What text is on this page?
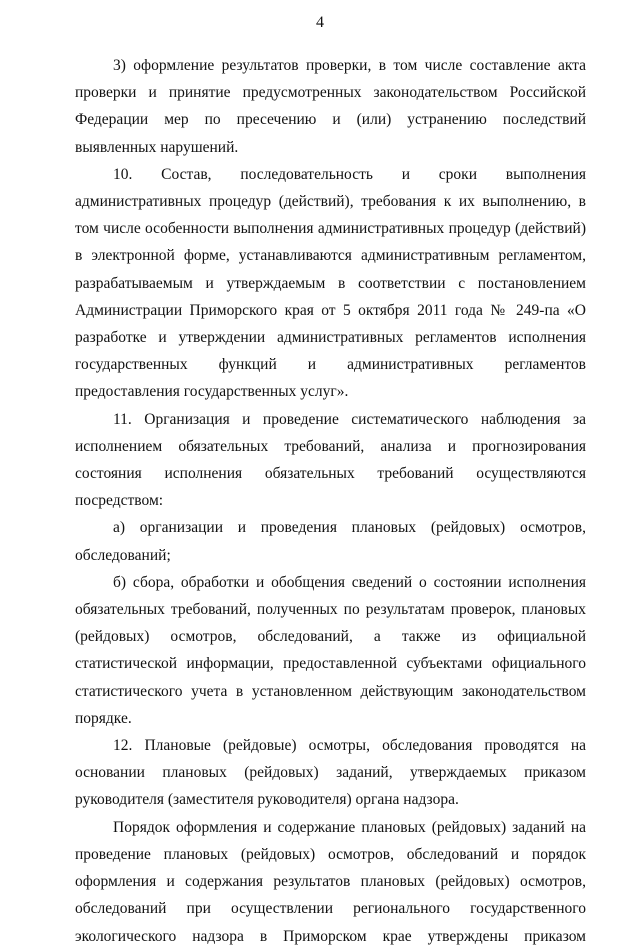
4

3) оформление результатов проверки, в том числе составление акта проверки и принятие предусмотренных законодательством Российской Федерации мер по пресечению и (или) устранению последствий выявленных нарушений.

10. Состав, последовательность и сроки выполнения административных процедур (действий), требования к их выполнению, в том числе особенности выполнения административных процедур (действий) в электронной форме, устанавливаются административным регламентом, разрабатываемым и утверждаемым в соответствии с постановлением Администрации Приморского края от 5 октября 2011 года № 249-па «О разработке и утверждении административных регламентов исполнения государственных функций и административных регламентов предоставления государственных услуг».

11. Организация и проведение систематического наблюдения за исполнением обязательных требований, анализа и прогнозирования состояния исполнения обязательных требований осуществляются посредством:

а) организации и проведения плановых (рейдовых) осмотров, обследований;

б) сбора, обработки и обобщения сведений о состоянии исполнения обязательных требований, полученных по результатам проверок, плановых (рейдовых) осмотров, обследований, а также из официальной статистической информации, предоставленной субъектами официального статистического учета в установленном действующим законодательством порядке.

12. Плановые (рейдовые) осмотры, обследования проводятся на основании плановых (рейдовых) заданий, утверждаемых приказом руководителя (заместителя руководителя) органа надзора.

Порядок оформления и содержание плановых (рейдовых) заданий на проведение плановых (рейдовых) осмотров, обследований и порядок оформления и содержания результатов плановых (рейдовых) осмотров, обследований при осуществлении регионального государственного экологического надзора в Приморском крае утверждены приказом
